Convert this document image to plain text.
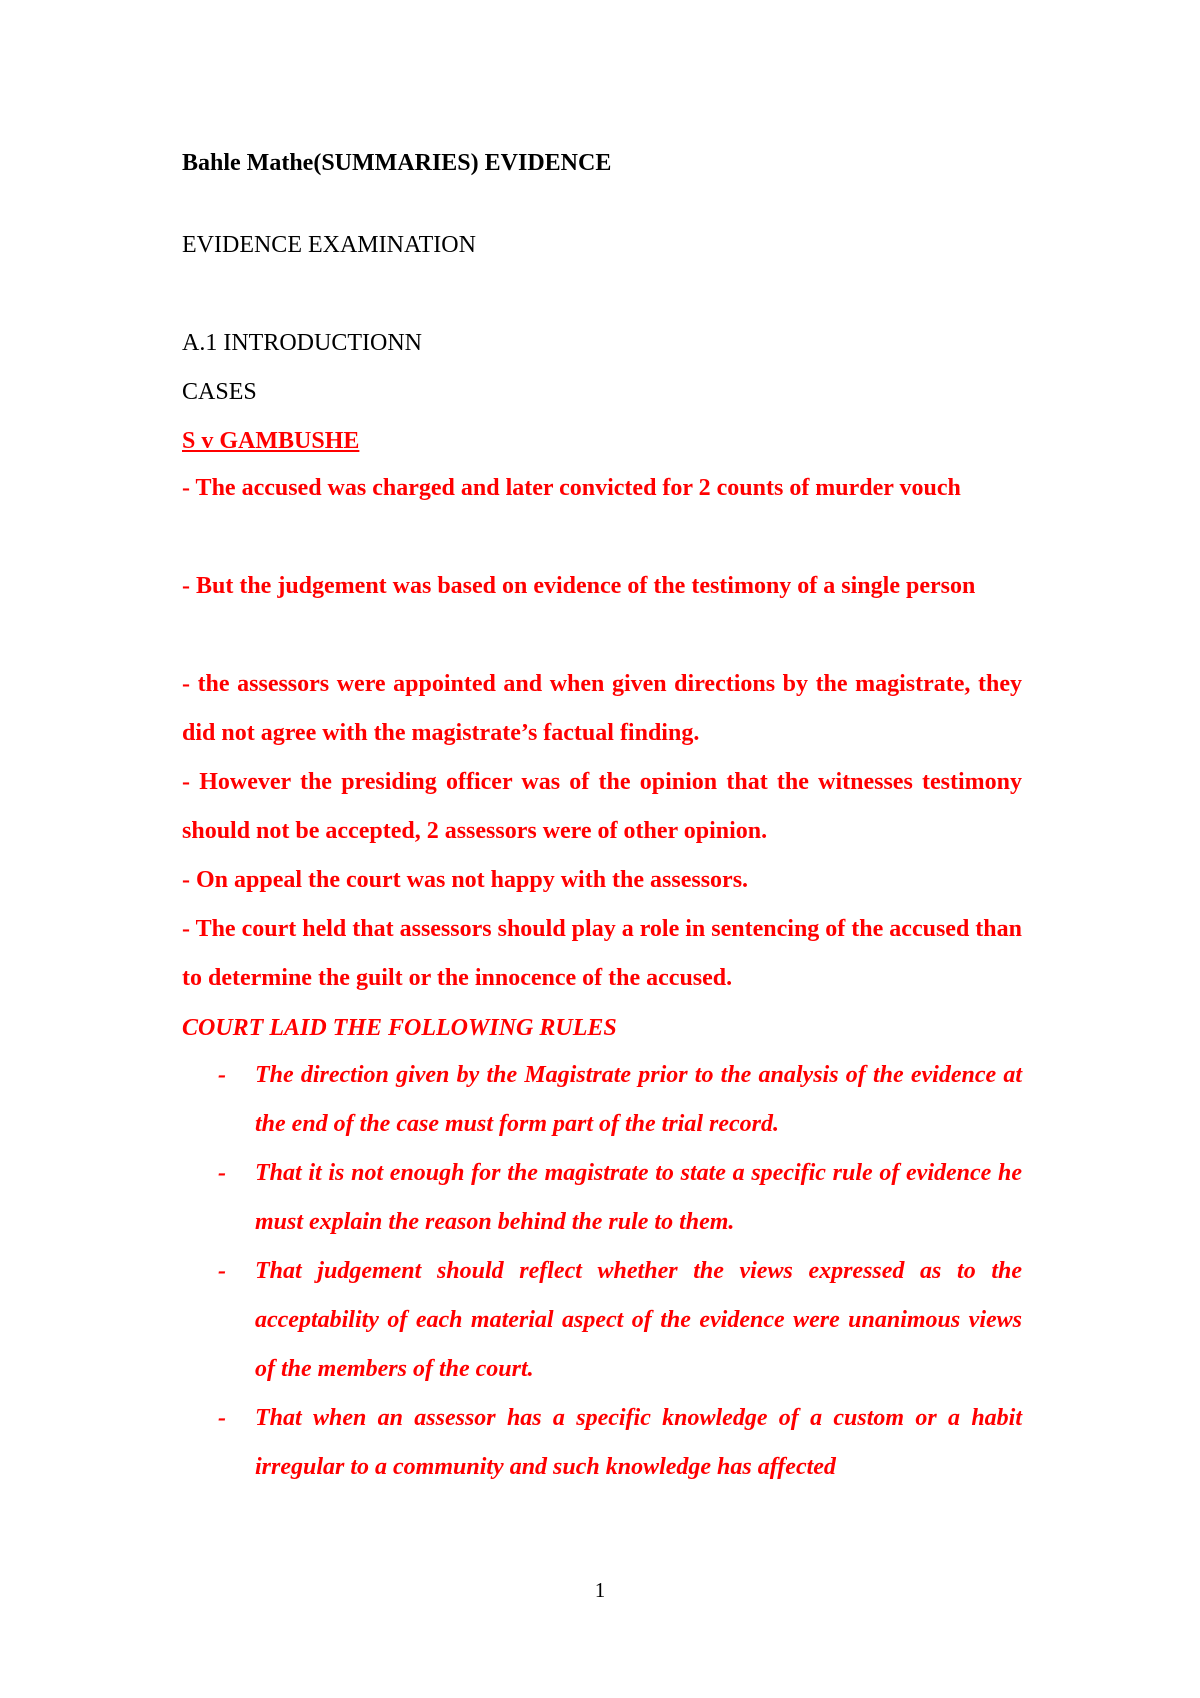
Bahle Mathe(SUMMARIES) EVIDENCE

EVIDENCE EXAMINATION

A.1 INTRODUCTIONN

CASES

S v GAMBUSHE

- The accused was charged and later convicted for 2 counts of murder vouch

- But the judgement was based on evidence of the testimony of a single person

- the assessors were appointed and when given directions by the magistrate, they did not agree with the magistrate’s factual finding.

- However the presiding officer was of the opinion that the witnesses testimony should not be accepted, 2 assessors were of other opinion.

- On appeal the court was not happy with the assessors.

- The court held that assessors should play a role in sentencing of the accused than to determine the guilt or the innocence of the accused.

COURT LAID THE FOLLOWING RULES

- The direction given by the Magistrate prior to the analysis of the evidence at the end of the case must form part of the trial record.
- That it is not enough for the magistrate to state a specific rule of evidence he must explain the reason behind the rule to them.
- That judgement should reflect whether the views expressed as to the acceptability of each material aspect of the evidence were unanimous views of the members of the court.
- That when an assessor has a specific knowledge of a custom or a habit irregular to a community and such knowledge has affected
1
